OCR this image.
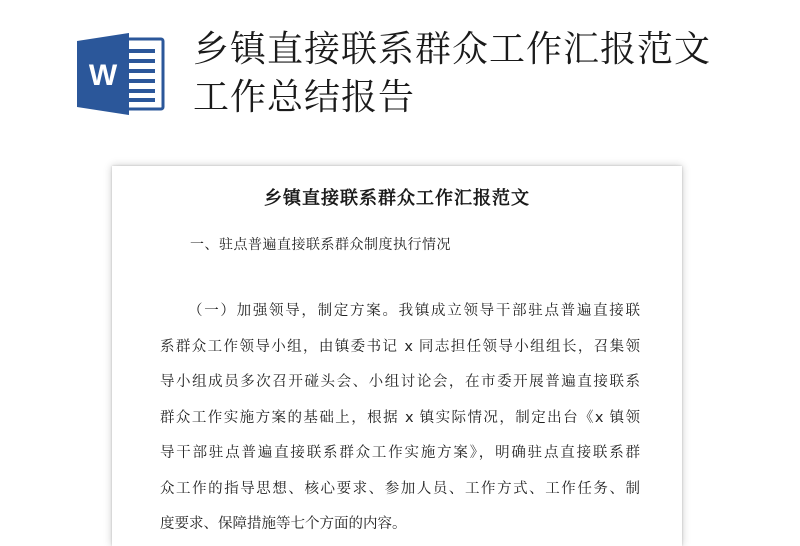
W
乡镇直接联系群众工作汇报范文
工作总结报告
乡镇直接联系群众工作汇报范文

一、驻点普遍直接联系群众制度执行情况

（一）加强领导，制定方案。我镇成立领导干部驻点普遍直接联
系群众工作领导小组，由镇委书记 x 同志担任领导小组组长，召集领
导小组成员多次召开碰头会、小组讨论会，在市委开展普遍直接联系
群众工作实施方案的基础上，根据 x 镇实际情况，制定出台《x 镇领
导干部驻点普遍直接联系群众工作实施方案》，明确驻点直接联系群
众工作的指导思想、核心要求、参加人员、工作方式、工作任务、制
度要求、保障措施等七个方面的内容。
